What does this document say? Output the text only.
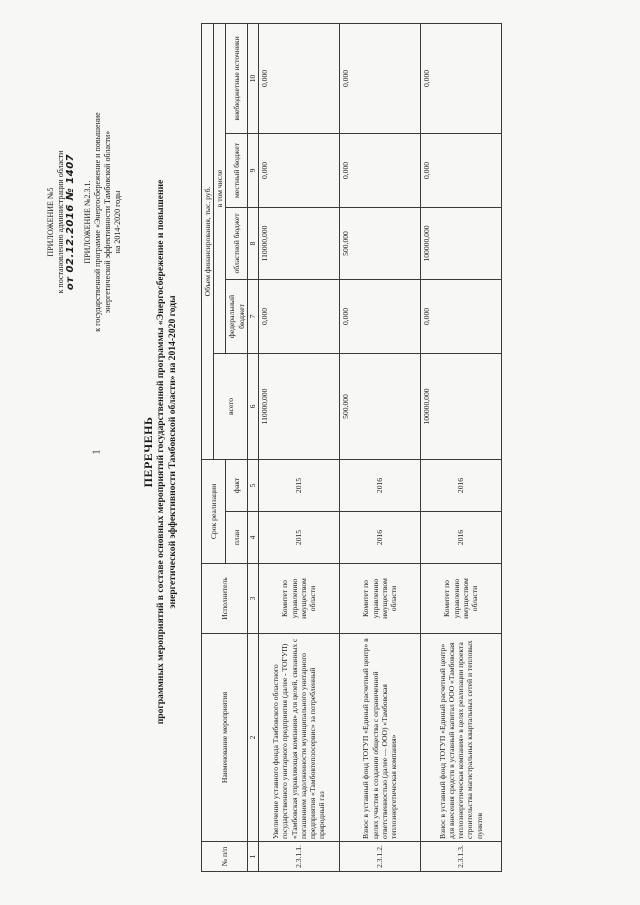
1
ПРИЛОЖЕНИЕ №5 к постановлению администрации области от 02.12.2016 № 1407 ПРИЛОЖЕНИЕ №2.3.1. к государственной программе «Энергосбережение и повышение энергетической эффективности Тамбовской области» на 2014-2020 годы
ПЕРЕЧЕНЬ программных мероприятий в составе основных мероприятий государственной программы «Энергосбережение и повышение энергетической эффективности Тамбовской области» на 2014-2020 годы
№ п/п	Наименование мероприятия	Исполнитель	Срок реализации		Объем финансирования, тыс. руб.				
					всего	в том числе			
			план	факт		федеральный бюджет	областной бюджет	местный бюджет	внебюджетные источники
1	2	3	4	5	6	7	8	9	10
2.3.1.1.	Увеличение уставного фонда Тамбовского областного государственного унитарного предприятия (далее - ТОГУП) «Тамбовская управляющая компания» для целей, связанных с погашением задолженности муниципального унитарного предприятия «Тамбовтеплосервис» за потребленный природный газ	Комитет по управлению имуществом области	2015	2015	110000,000	0,000	110000,000	0,000	0,000
2.3.1.2.	Взнос в уставный фонд ТОГУП «Единый расчетный центр» в целях участия в создании общества с ограниченной ответственностью (далее — ООО) «Тамбовская теплоэнергетическая компания»	Комитет по управлению имуществом области	2016	2016	500,000	0,000	500,000	0,000	0,000
2.3.1.3.	Взнос в уставный фонд ТОГУП «Единый расчетный центр» для внесения средств в уставный капитал ООО «Тамбовская теплоэнергетическая компания» в целях реализации проекта строительства магистральных квартальных сетей и тепловых пунктов	Комитет по управлению имуществом области	2016	2016	100000,000	0,000	100000,000	0,000	0,000
